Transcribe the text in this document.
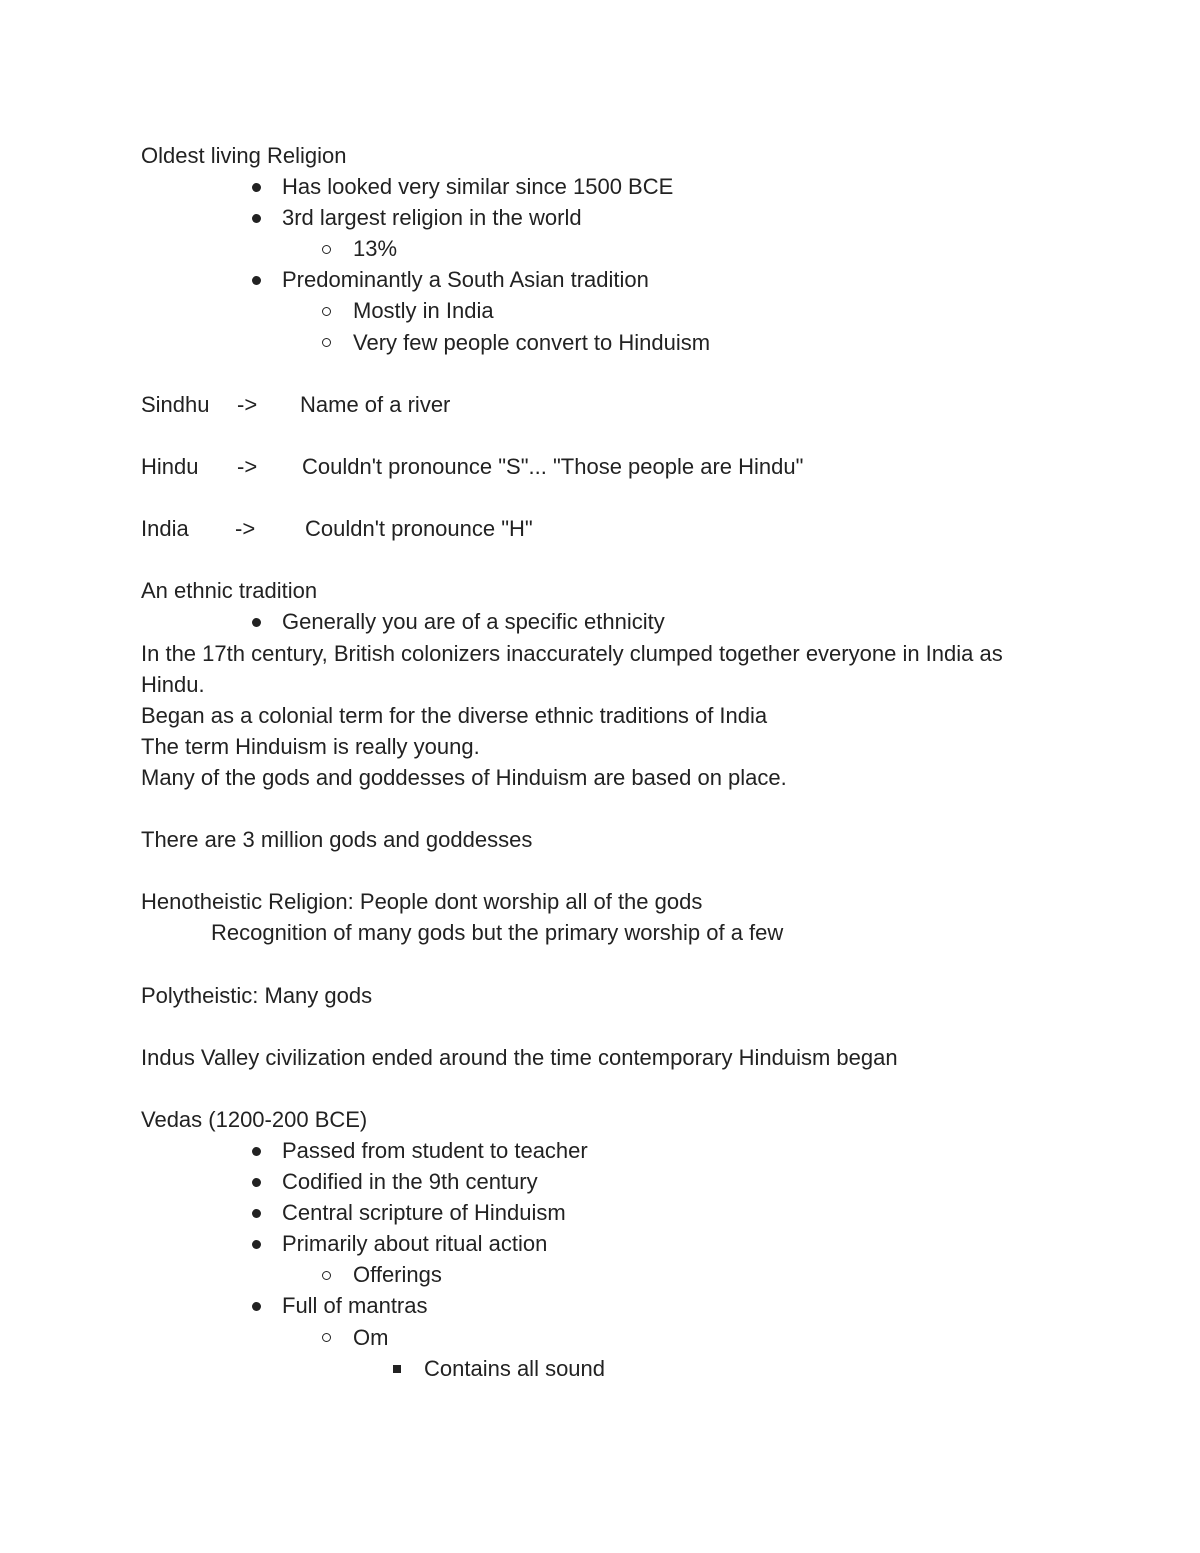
Oldest living Religion
Has looked very similar since 1500 BCE
3rd largest religion in the world
13%
Predominantly a South Asian tradition
Mostly in India
Very few people convert to Hinduism
Sindhu -> Name of a river
Hindu -> Couldn't pronounce "S"... "Those people are Hindu"
India -> Couldn't pronounce "H"
An ethnic tradition
Generally you are of a specific ethnicity
In the 17th century, British colonizers inaccurately clumped together everyone in India as Hindu.
Began as a colonial term for the diverse ethnic traditions of India
The term Hinduism is really young.
Many of the gods and goddesses of Hinduism are based on place.
There are 3 million gods and goddesses
Henotheistic Religion: People dont worship all of the gods
Recognition of many gods but the primary worship of a few
Polytheistic: Many gods
Indus Valley civilization ended around the time contemporary Hinduism began
Vedas (1200-200 BCE)
Passed from student to teacher
Codified in the 9th century
Central scripture of Hinduism
Primarily about ritual action
Offerings
Full of mantras
Om
Contains all sound
